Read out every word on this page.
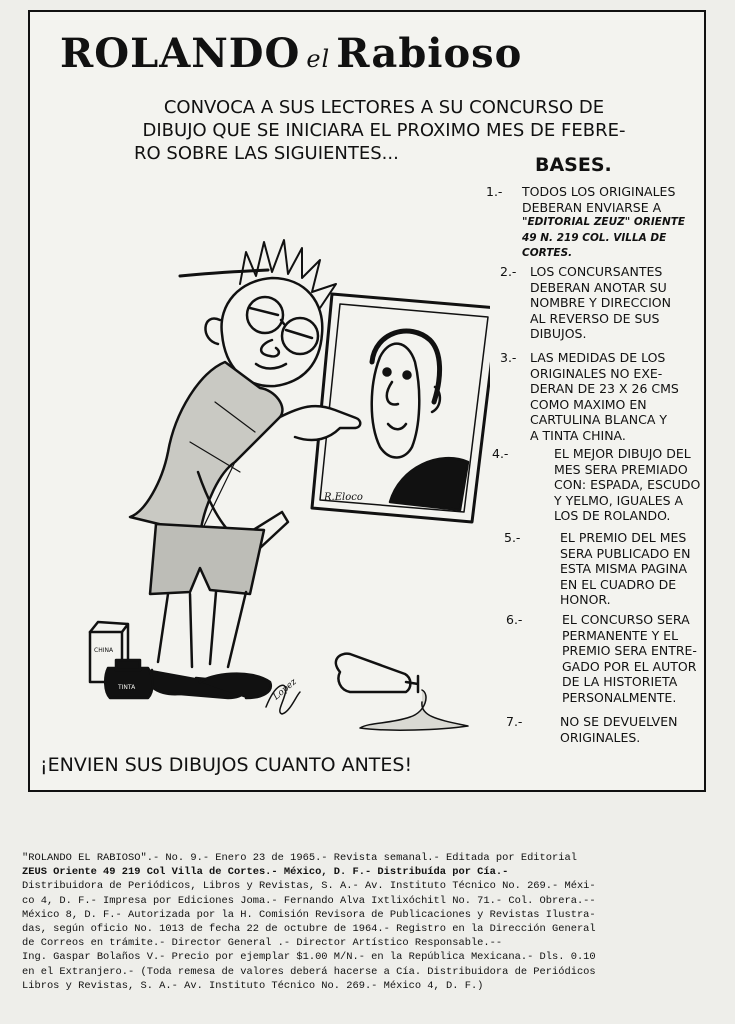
ROLANDO el Rabioso

CONVOCA A SUS LECTORES A SU CONCURSO DE
DIBUJO QUE SE INICIARA EL PROXIMO MES DE FEBRE-
RO SOBRE LAS SIGUIENTES...

BASES.
1.- TODOS LOS ORIGINALES
DEBERAN ENVIARSE A
"EDITORIAL ZEUZ" ORIENTE
49 N. 219 COL. VILLA DE
CORTES.
2.- LOS CONCURSANTES
DEBERAN ANOTAR SU
NOMBRE Y DIRECCION
AL REVERSO DE SUS
DIBUJOS.
3.- LAS MEDIDAS DE LOS
ORIGINALES NO EXE-
DERAN DE 23 X 26 CMS
COMO MAXIMO EN
CARTULINA BLANCA Y
A TINTA CHINA.
4.-	EL MEJOR DIBUJO DEL
MES SERA PREMIADO
CON: ESPADA, ESCUDO
Y YELMO, IGUALES A
LOS DE ROLANDO.
5.-	EL PREMIO DEL MES
SERA PUBLICADO EN
ESTA MISMA PAGINA
EN EL CUADRO DE
HONOR.
6.-	EL CONCURSO SERA
PERMANENTE Y EL
PREMIO SERA ENTRE-
GADO POR EL AUTOR
DE LA HISTORIETA
PERSONALMENTE.
7.-	NO SE DEVUELVEN
ORIGINALES.
R.Eloco
CHINA
TINTA	Lopez

¡ENVIEN SUS DIBUJOS CUANTO ANTES!

"ROLANDO EL RABIOSO".- No. 9.- Enero 23 de 1965.- Revista semanal.- Editada por Editorial
ZEUS Oriente 49 219 Col Villa de Cortes.- México, D. F.- Distribuída por Cía.-
Distribuidora de Periódicos, Libros y Revistas, S. A.- Av. Instituto Técnico No. 269.- Méxi-
co 4, D. F.- Impresa por Ediciones Joma.- Fernando Alva Ixtlixóchitl No. 71.- Col. Obrera.--
México 8, D. F.- Autorizada por la H. Comisión Revisora de Publicaciones y Revistas Ilustra-
das, según oficio No. 1013 de fecha 22 de octubre de 1964.- Registro en la Dirección General
de Correos en trámite.- Director General .- Director Artístico Responsable.--
Ing. Gaspar Bolaños V.- Precio por ejemplar $1.00 M/N.- en la República Mexicana.- Dls. 0.10
en el Extranjero.- (Toda remesa de valores deberá hacerse a Cía. Distribuidora de Periódicos
Libros y Revistas, S. A.- Av. Instituto Técnico No. 269.- México 4, D. F.)
